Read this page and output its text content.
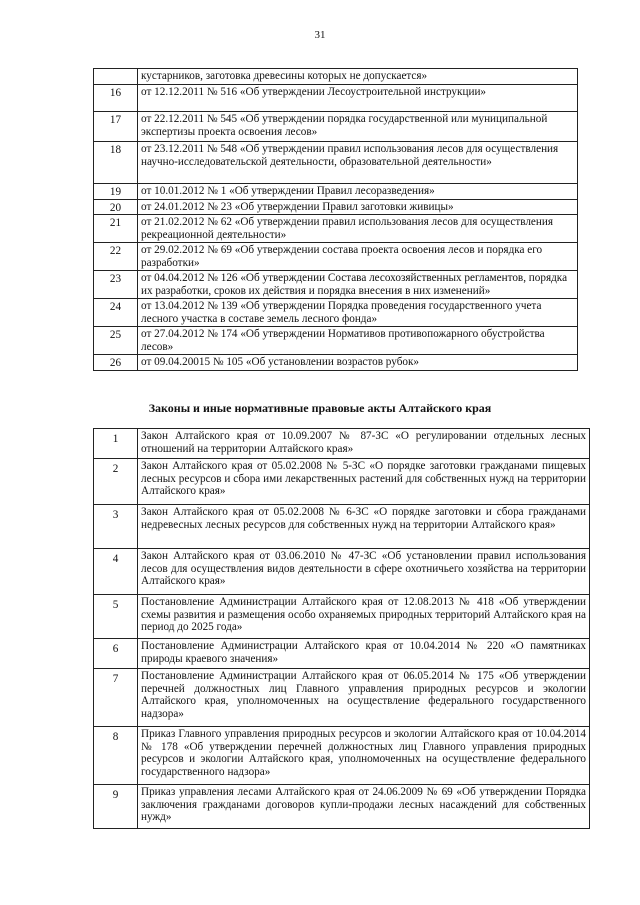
31
	кустарников, заготовка древесины которых не допускается»
16	от 12.12.2011 № 516 «Об утверждении Лесоустроительной инструкции»
17	от 22.12.2011 № 545 «Об утверждении порядка государственной или муниципальной экспертизы проекта освоения лесов»
18	от 23.12.2011 № 548 «Об утверждении правил использования лесов для осуществления научно-исследовательской деятельности, образовательной деятельности»
19	от 10.01.2012 № 1 «Об утверждении Правил лесоразведения»
20	от 24.01.2012 № 23 «Об утверждении Правил заготовки живицы»
21	от 21.02.2012 № 62 «Об утверждении правил использования лесов для осуществления рекреационной деятельности»
22	от 29.02.2012 № 69 «Об утверждении состава проекта освоения лесов и порядка его разработки»
23	от 04.04.2012 № 126 «Об утверждении Состава лесохозяйственных регламентов, порядка их разработки, сроков их действия и порядка внесения в них изменений»
24	от 13.04.2012 № 139 «Об утверждении Порядка проведения государственного учета лесного участка в составе земель лесного фонда»
25	от 27.04.2012 № 174 «Об утверждении Нормативов противопожарного обустройства лесов»
26	от 09.04.20015 № 105 «Об установлении возрастов рубок»
Законы и иные нормативные правовые акты Алтайского края
1	Закон Алтайского края от 10.09.2007 № 87-ЗС «О регулировании отдельных лесных отношений на территории Алтайского края»
2	Закон Алтайского края от 05.02.2008 № 5-ЗС «О порядке заготовки гражданами пищевых лесных ресурсов и сбора ими лекарственных растений для собственных нужд на территории Алтайского края»
3	Закон Алтайского края от 05.02.2008 № 6-ЗС «О порядке заготовки и сбора гражданами недревесных лесных ресурсов для собственных нужд на территории Алтайского края»
4	Закон Алтайского края от 03.06.2010 № 47-ЗС «Об установлении правил использования лесов для осуществления видов деятельности в сфере охотничьего хозяйства на территории Алтайского края»
5	Постановление Администрации Алтайского края от 12.08.2013 № 418 «Об утверждении схемы развития и размещения особо охраняемых природных территорий Алтайского края на период до 2025 года»
6	Постановление Администрации Алтайского края от 10.04.2014 № 220 «О памятниках природы краевого значения»
7	Постановление Администрации Алтайского края от 06.05.2014 № 175 «Об утверждении перечней должностных лиц Главного управления природных ресурсов и экологии Алтайского края, уполномоченных на осуществление федерального государственного надзора»
8	Приказ Главного управления природных ресурсов и экологии Алтайского края от 10.04.2014 № 178 «Об утверждении перечней должностных лиц Главного управления природных ресурсов и экологии Алтайского края, уполномоченных на осуществление федерального государственного надзора»
9	Приказ управления лесами Алтайского края от 24.06.2009 № 69 «Об утверждении Порядка заключения гражданами договоров купли-продажи лесных насаждений для собственных нужд»
